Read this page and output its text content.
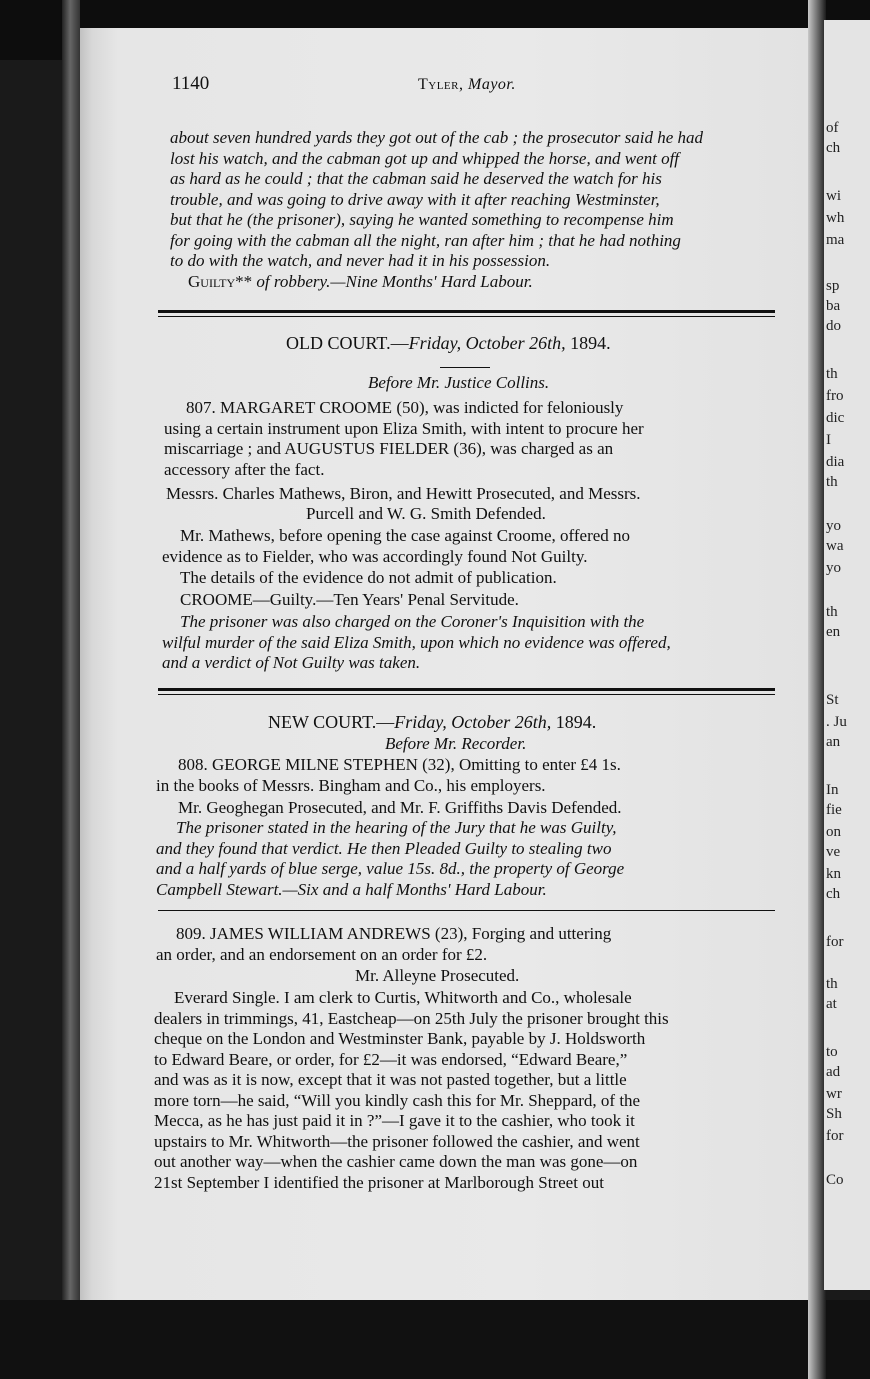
of
ch
wi
wh
ma
sp
ba
do
th
fro
dic
I
dia
th
yo
wa
yo
th
en
St
. Ju
an
In
fie
on
ve
kn
ch
for
th
at
to
ad
wr
Sh
for
Co
1140	Tyler, Mayor.
about seven hundred yards they got out of the cab ; the prosecutor said he had
lost his watch, and the cabman got up and whipped the horse, and went off
as hard as he could ; that the cabman said he deserved the watch for his
trouble, and was going to drive away with it after reaching Westminster,
but that he (the prisoner), saying he wanted something to recompense him
for going with the cabman all the night, ran after him ; that he had nothing
to do with the watch, and never had it in his possession.
Guilty** of robbery.—Nine Months' Hard Labour.
OLD COURT.—Friday, October 26th, 1894.
Before Mr. Justice Collins.
807. MARGARET CROOME (50), was indicted for feloniously
using a certain instrument upon Eliza Smith, with intent to procure her
miscarriage ; and AUGUSTUS FIELDER (36), was charged as an
accessory after the fact.
Messrs. Charles Mathews, Biron, and Hewitt Prosecuted, and Messrs.
Purcell and W. G. Smith Defended.
Mr. Mathews, before opening the case against Croome, offered no
evidence as to Fielder, who was accordingly found Not Guilty.
The details of the evidence do not admit of publication.
CROOME—Guilty.—Ten Years' Penal Servitude.
The prisoner was also charged on the Coroner's Inquisition with the
wilful murder of the said Eliza Smith, upon which no evidence was offered,
and a verdict of Not Guilty was taken.
NEW COURT.—Friday, October 26th, 1894.
Before Mr. Recorder.
808. GEORGE MILNE STEPHEN (32), Omitting to enter £4 1s.
in the books of Messrs. Bingham and Co., his employers.
Mr. Geoghegan Prosecuted, and Mr. F. Griffiths Davis Defended.
The prisoner stated in the hearing of the Jury that he was Guilty,
and they found that verdict. He then Pleaded Guilty to stealing two
and a half yards of blue serge, value 15s. 8d., the property of George
Campbell Stewart.—Six and a half Months' Hard Labour.
809. JAMES WILLIAM ANDREWS (23), Forging and uttering
an order, and an endorsement on an order for £2.
Mr. Alleyne Prosecuted.
Everard Single. I am clerk to Curtis, Whitworth and Co., wholesale
dealers in trimmings, 41, Eastcheap—on 25th July the prisoner brought this
cheque on the London and Westminster Bank, payable by J. Holdsworth
to Edward Beare, or order, for £2—it was endorsed, “Edward Beare,”
and was as it is now, except that it was not pasted together, but a little
more torn—he said, “Will you kindly cash this for Mr. Sheppard, of the
Mecca, as he has just paid it in ?”—I gave it to the cashier, who took it
upstairs to Mr. Whitworth—the prisoner followed the cashier, and went
out another way—when the cashier came down the man was gone—on
21st September I identified the prisoner at Marlborough Street out
